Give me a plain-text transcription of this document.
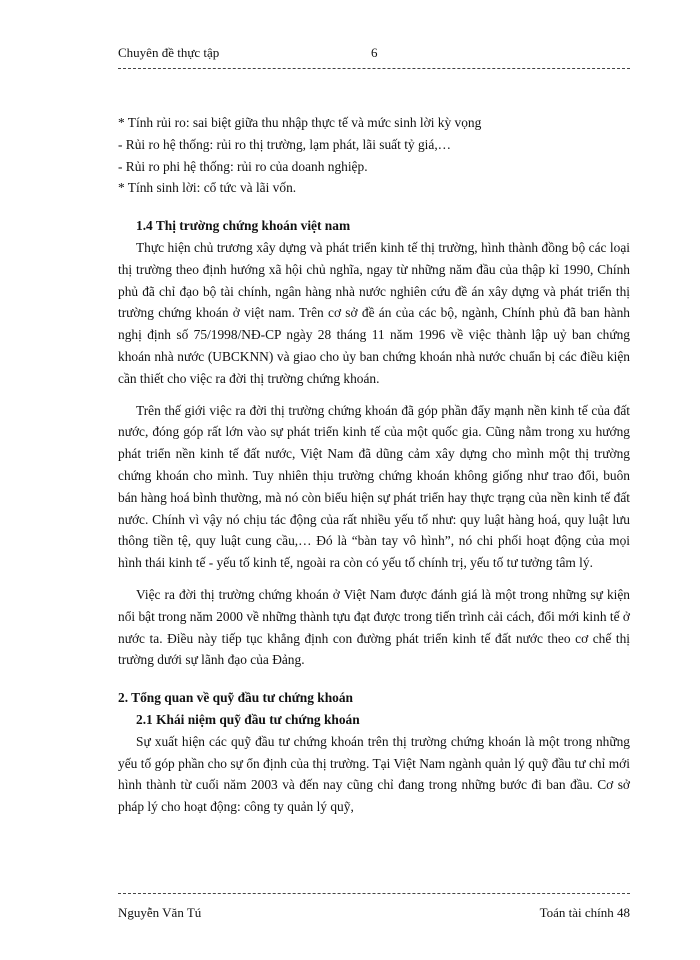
Chuyên đề thực tập	6
* Tính rủi ro: sai biệt giữa thu nhập thực tế và mức sinh lời kỳ vọng
- Rủi ro hệ thống: rủi ro thị trường, lạm phát, lãi suất tỷ giá,…
- Rủi ro phi hệ thống: rủi ro của doanh nghiệp.
* Tính sinh lời: cổ tức và lãi vốn.
1.4 Thị trường chứng khoán việt nam

Thực hiện chủ trương xây dựng và phát triển kinh tế thị trường, hình thành đồng bộ các loại thị trường theo định hướng xã hội chủ nghĩa, ngay từ những năm đầu của thập kỉ 1990, Chính phủ đã chỉ đạo bộ tài chính, ngân hàng nhà nước nghiên cứu đề án xây dựng và phát triển thị trường chứng khoán ở việt nam. Trên cơ sở đề án của các bộ, ngành, Chính phủ đã ban hành nghị định số 75/1998/NĐ-CP ngày 28 tháng 11 năm 1996 về việc thành lập uỷ ban chứng khoán nhà nước (UBCKNN) và giao cho ủy ban chứng khoán nhà nước chuẩn bị các điều kiện cần thiết cho việc ra đời thị trường chứng khoán.

Trên thế giới việc ra đời thị trường chứng khoán đã góp phần đẩy mạnh nền kinh tế của đất nước, đóng góp rất lớn vào sự phát triển kinh tế của một quốc gia. Cũng nằm trong xu hướng phát triển nền kinh tế đất nước, Việt Nam đã dũng cảm xây dựng cho mình một thị trường chứng khoán cho mình. Tuy nhiên thịu trường chứng khoán không giống như trao đổi, buôn bán hàng hoá bình thường, mà nó còn biểu hiện sự phát triển hay thực trạng của nền kinh tế đất nước. Chính vì vậy nó chịu tác động của rất nhiều yếu tố như: quy luật hàng hoá, quy luật lưu thông tiền tệ, quy luật cung cầu,… Đó là “bàn tay vô hình”, nó chi phối hoạt động của mọi hình thái kinh tế - yếu tố kinh tế, ngoài ra còn có yếu tố chính trị, yếu tố tư tưởng tâm lý.

Việc ra đời thị trường chứng khoán ở Việt Nam được đánh giá là một trong những sự kiện nổi bật trong năm 2000 về những thành tựu đạt được trong tiến trình cải cách, đổi mới kinh tế ở nước ta. Điều này tiếp tục khẳng định con đường phát triển kinh tế đất nước theo cơ chế thị trường dưới sự lãnh đạo của Đảng.

2. Tổng quan về quỹ đầu tư chứng khoán
2.1 Khái niệm quỹ đầu tư chứng khoán

Sự xuất hiện các quỹ đầu tư chứng khoán trên thị trường chứng khoán là một trong những yếu tố góp phần cho sự ổn định của thị trường. Tại Việt Nam ngành quản lý quỹ đầu tư chỉ mới hình thành từ cuối năm 2003 và đến nay cũng chỉ đang trong những bước đi ban đầu. Cơ sở pháp lý cho hoạt động: công ty quản lý quỹ,

Nguyễn Văn Tú	Toán tài chính 48
